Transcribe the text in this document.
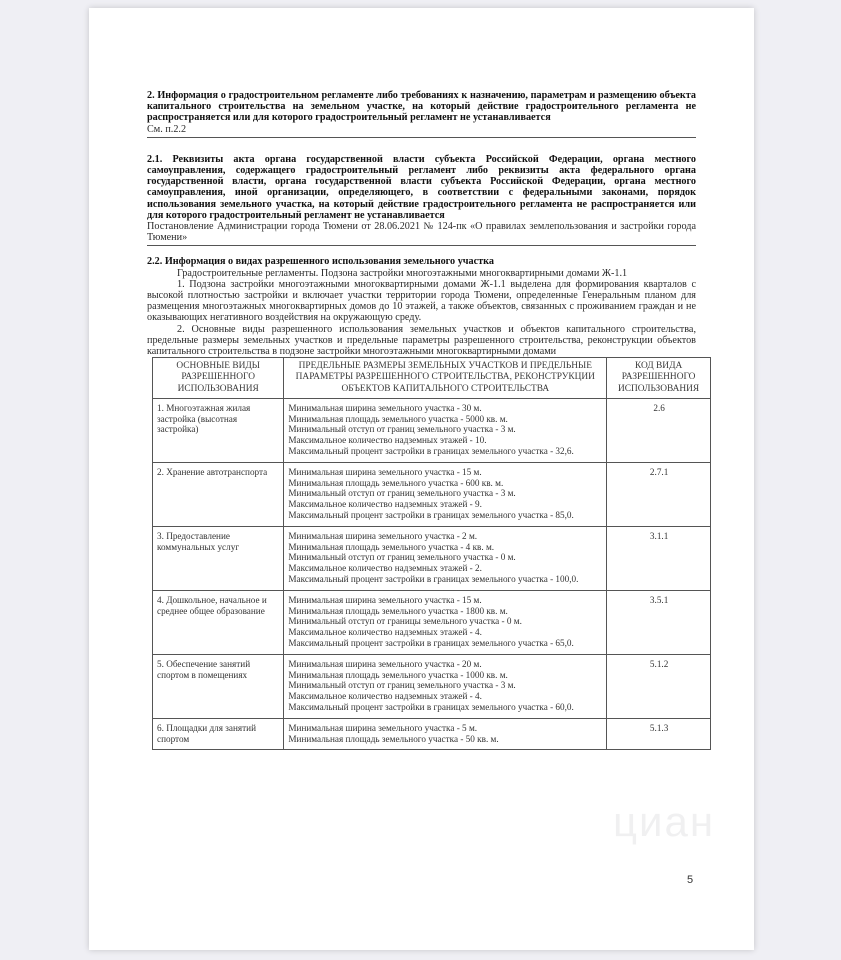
2. Информация о градостроительном регламенте либо требованиях к назначению, параметрам и размещению объекта капитального строительства на земельном участке, на который действие градостроительного регламента не распространяется или для которого градостроительный регламент не устанавливается
См. п.2.2
2.1. Реквизиты акта органа государственной власти субъекта Российской Федерации, органа местного самоуправления, содержащего градостроительный регламент либо реквизиты акта федерального органа государственной власти, органа государственной власти субъекта Российской Федерации, органа местного самоуправления, иной организации, определяющего, в соответствии с федеральными законами, порядок использования земельного участка, на который действие градостроительного регламента не распространяется или для которого градостроительный регламент не устанавливается
Постановление Администрации города Тюмени от 28.06.2021 № 124-пк «О правилах землепользования и застройки города Тюмени»
2.2. Информация о видах разрешенного использования земельного участка
Градостроительные регламенты. Подзона застройки многоэтажными многоквартирными домами Ж-1.1
1. Подзона застройки многоэтажными многоквартирными домами Ж-1.1 выделена для формирования кварталов с высокой плотностью застройки и включает участки территории города Тюмени, определенные Генеральным планом для размещения многоэтажных многоквартирных домов до 10 этажей, а также объектов, связанных с проживанием граждан и не оказывающих негативного воздействия на окружающую среду.
2. Основные виды разрешенного использования земельных участков и объектов капитального строительства, предельные размеры земельных участков и предельные параметры разрешенного строительства, реконструкции объектов капитального строительства в подзоне застройки многоэтажными многоквартирными домами
ОСНОВНЫЕ ВИДЫ РАЗРЕШЕННОГО ИСПОЛЬЗОВАНИЯ	ПРЕДЕЛЬНЫЕ РАЗМЕРЫ ЗЕМЕЛЬНЫХ УЧАСТКОВ И ПРЕДЕЛЬНЫЕ ПАРАМЕТРЫ РАЗРЕШЕННОГО СТРОИТЕЛЬСТВА, РЕКОНСТРУКЦИИ ОБЪЕКТОВ КАПИТАЛЬНОГО СТРОИТЕЛЬСТВА	КОД ВИДА РАЗРЕШЕННОГО ИСПОЛЬЗОВАНИЯ
1. Многоэтажная жилая застройка (высотная застройка)	Минимальная ширина земельного участка - 30 м.
Минимальная площадь земельного участка - 5000 кв. м.
Минимальный отступ от границ земельного участка - 3 м.
Максимальное количество надземных этажей - 10.
Максимальный процент застройки в границах земельного участка - 32,6.	2.6
2. Хранение автотранспорта	Минимальная ширина земельного участка - 15 м.
Минимальная площадь земельного участка - 600 кв. м.
Минимальный отступ от границ земельного участка - 3 м.
Максимальное количество надземных этажей - 9.
Максимальный процент застройки в границах земельного участка - 85,0.	2.7.1
3. Предоставление коммунальных услуг	Минимальная ширина земельного участка - 2 м.
Минимальная площадь земельного участка - 4 кв. м.
Минимальный отступ от границ земельного участка - 0 м.
Максимальное количество надземных этажей - 2.
Максимальный процент застройки в границах земельного участка - 100,0.	3.1.1
4. Дошкольное, начальное и среднее общее образование	Минимальная ширина земельного участка - 15 м.
Минимальная площадь земельного участка - 1800 кв. м.
Минимальный отступ от границы земельного участка - 0 м.
Максимальное количество надземных этажей - 4.
Максимальный процент застройки в границах земельного участка - 65,0.	3.5.1
5. Обеспечение занятий спортом в помещениях	Минимальная ширина земельного участка - 20 м.
Минимальная площадь земельного участка - 1000 кв. м.
Минимальный отступ от границ земельного участка - 3 м.
Максимальное количество надземных этажей - 4.
Максимальный процент застройки в границах земельного участка - 60,0.	5.1.2
6. Площадки для занятий спортом	Минимальная ширина земельного участка - 5 м.
Минимальная площадь земельного участка - 50 кв. м.	5.1.3
циан
5
